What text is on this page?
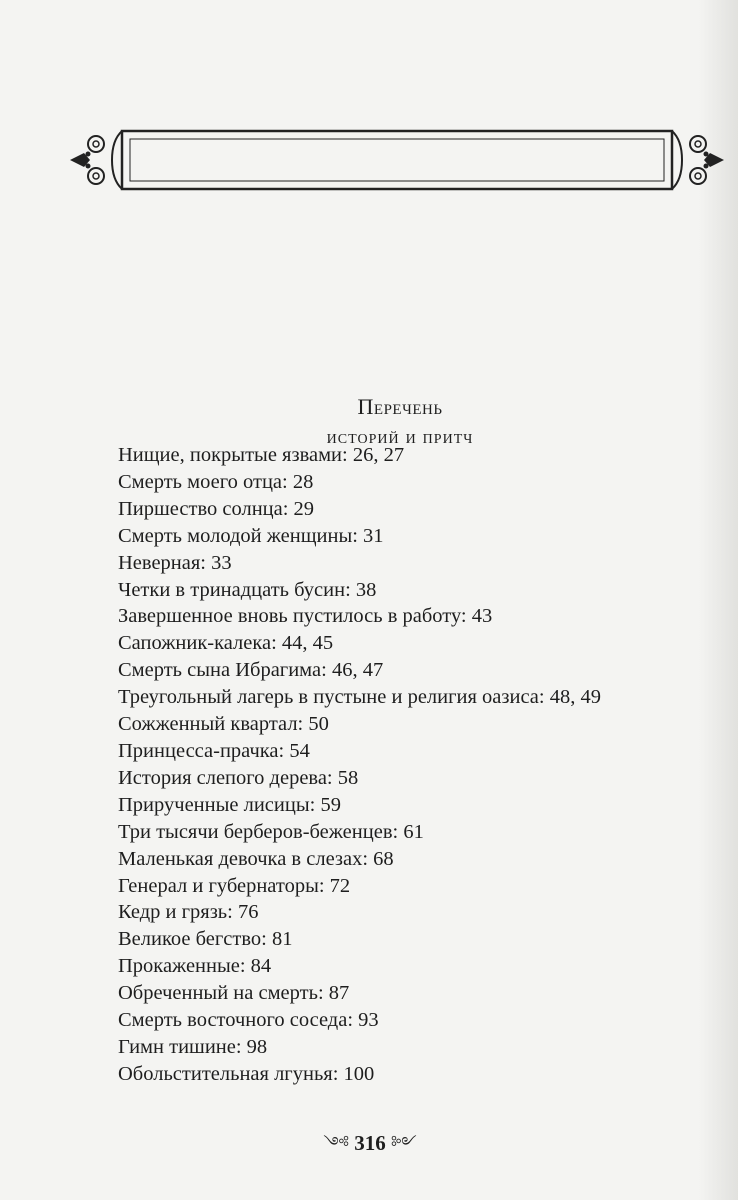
Перечень
историй и притч
Нищие, покрытые язвами: 26, 27
Смерть моего отца: 28
Пиршество солнца: 29
Смерть молодой женщины: 31
Неверная: 33
Четки в тринадцать бусин: 38
Завершенное вновь пустилось в работу: 43
Сапожник-калека: 44, 45
Смерть сына Ибрагима: 46, 47
Треугольный лагерь в пустыне и религия оазиса: 48, 49
Сожженный квартал: 50
Принцесса-прачка: 54
История слепого дерева: 58
Прирученные лисицы: 59
Три тысячи берберов-беженцев: 61
Маленькая девочка в слезах: 68
Генерал и губернаторы: 72
Кедр и грязь: 76
Великое бегство: 81
Прокаженные: 84
Обреченный на смерть: 87
Смерть восточного соседа: 93
Гимн тишине: 98
Обольстительная лгунья: 100
༺ 316 ༻
